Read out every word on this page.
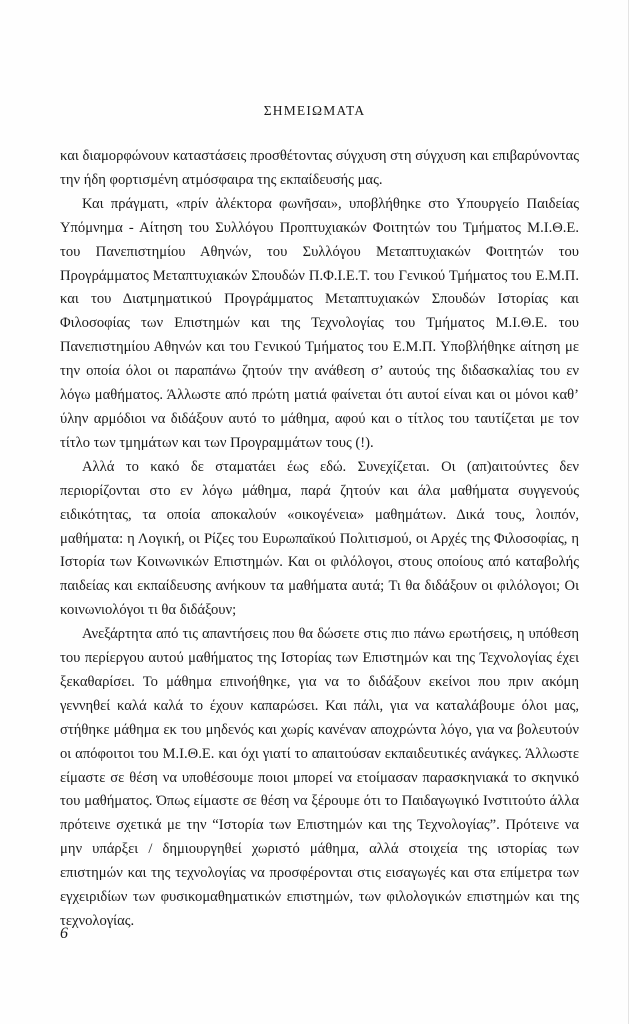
ΣΗΜΕΙΩΜΑΤΑ

και διαμορφώνουν καταστάσεις προσθέτοντας σύγχυση στη σύγχυση και επιβαρύνοντας την ήδη φορτισμένη ατμόσφαιρα της εκπαίδευσής μας.

Και πράγματι, «πρίν ἀλέκτορα φωνῆσαι», υποβλήθηκε στο Υπουργείο Παιδείας Υπόμνημα - Αίτηση του Συλλόγου Προπτυχιακών Φοιτητών του Τμήματος Μ.Ι.Θ.Ε. του Πανεπιστημίου Αθηνών, του Συλλόγου Μεταπτυχιακών Φοιτητών του Προγράμματος Μεταπτυχιακών Σπουδών Π.Φ.Ι.Ε.Τ. του Γενικού Τμήματος του Ε.Μ.Π. και του Διατμηματικού Προγράμματος Μεταπτυχιακών Σπουδών Ιστορίας και Φιλοσοφίας των Επιστημών και της Τεχνολογίας του Τμήματος Μ.Ι.Θ.Ε. του Πανεπιστημίου Αθηνών και του Γενικού Τμήματος του Ε.Μ.Π. Υποβλήθηκε αίτηση με την οποία όλοι οι παραπάνω ζητούν την ανάθεση σ’ αυτούς της διδασκαλίας του εν λόγω μαθήματος. Άλλωστε από πρώτη ματιά φαίνεται ότι αυτοί είναι και οι μόνοι καθ’ ύλην αρμόδιοι να διδάξουν αυτό το μάθημα, αφού και ο τίτλος του ταυτίζεται με τον τίτλο των τμημάτων και των Προγραμμάτων τους (!).

Αλλά το κακό δε σταματάει έως εδώ. Συνεχίζεται. Οι (απ)αιτούντες δεν περιορίζονται στο εν λόγω μάθημα, παρά ζητούν και άλα μαθήματα συγγενούς ειδικότητας, τα οποία αποκαλούν «οικογένεια» μαθημάτων. Δικά τους, λοιπόν, μαθήματα: η Λογική, οι Ρίζες του Ευρωπαϊκού Πολιτισμού, οι Αρχές της Φιλοσοφίας, η Ιστορία των Κοινωνικών Επιστημών. Και οι φιλόλογοι, στους οποίους από καταβολής παιδείας και εκπαίδευσης ανήκουν τα μαθήματα αυτά; Τι θα διδάξουν οι φιλόλογοι; Οι κοινωνιολόγοι τι θα διδάξουν;

Ανεξάρτητα από τις απαντήσεις που θα δώσετε στις πιο πάνω ερωτήσεις, η υπόθεση του περίεργου αυτού μαθήματος της Ιστορίας των Επιστημών και της Τεχνολογίας έχει ξεκαθαρίσει. Το μάθημα επινοήθηκε, για να το διδάξουν εκείνοι που πριν ακόμη γεννηθεί καλά καλά το έχουν καπαρώσει. Και πάλι, για να καταλάβουμε όλοι μας, στήθηκε μάθημα εκ του μηδενός και χωρίς κανέναν αποχρώντα λόγο, για να βολευτούν οι απόφοιτοι του Μ.Ι.Θ.Ε. και όχι γιατί το απαιτούσαν εκπαιδευτικές ανάγκες. Άλλωστε είμαστε σε θέση να υποθέσουμε ποιοι μπορεί να ετοίμασαν παρασκηνιακά το σκηνικό του μαθήματος. Όπως είμαστε σε θέση να ξέρουμε ότι το Παιδαγωγικό Ινστιτούτο άλλα πρότεινε σχετικά με την “Ιστορία των Επιστημών και της Τεχνολογίας”. Πρότεινε να μην υπάρξει / δημιουργηθεί χωριστό μάθημα, αλλά στοιχεία της ιστορίας των επιστημών και της τεχνολογίας να προσφέρονται στις εισαγωγές και στα επίμετρα των εγχειριδίων των φυσικομαθηματικών επιστημών, των φιλολογικών επιστημών και της τεχνολογίας.

6
